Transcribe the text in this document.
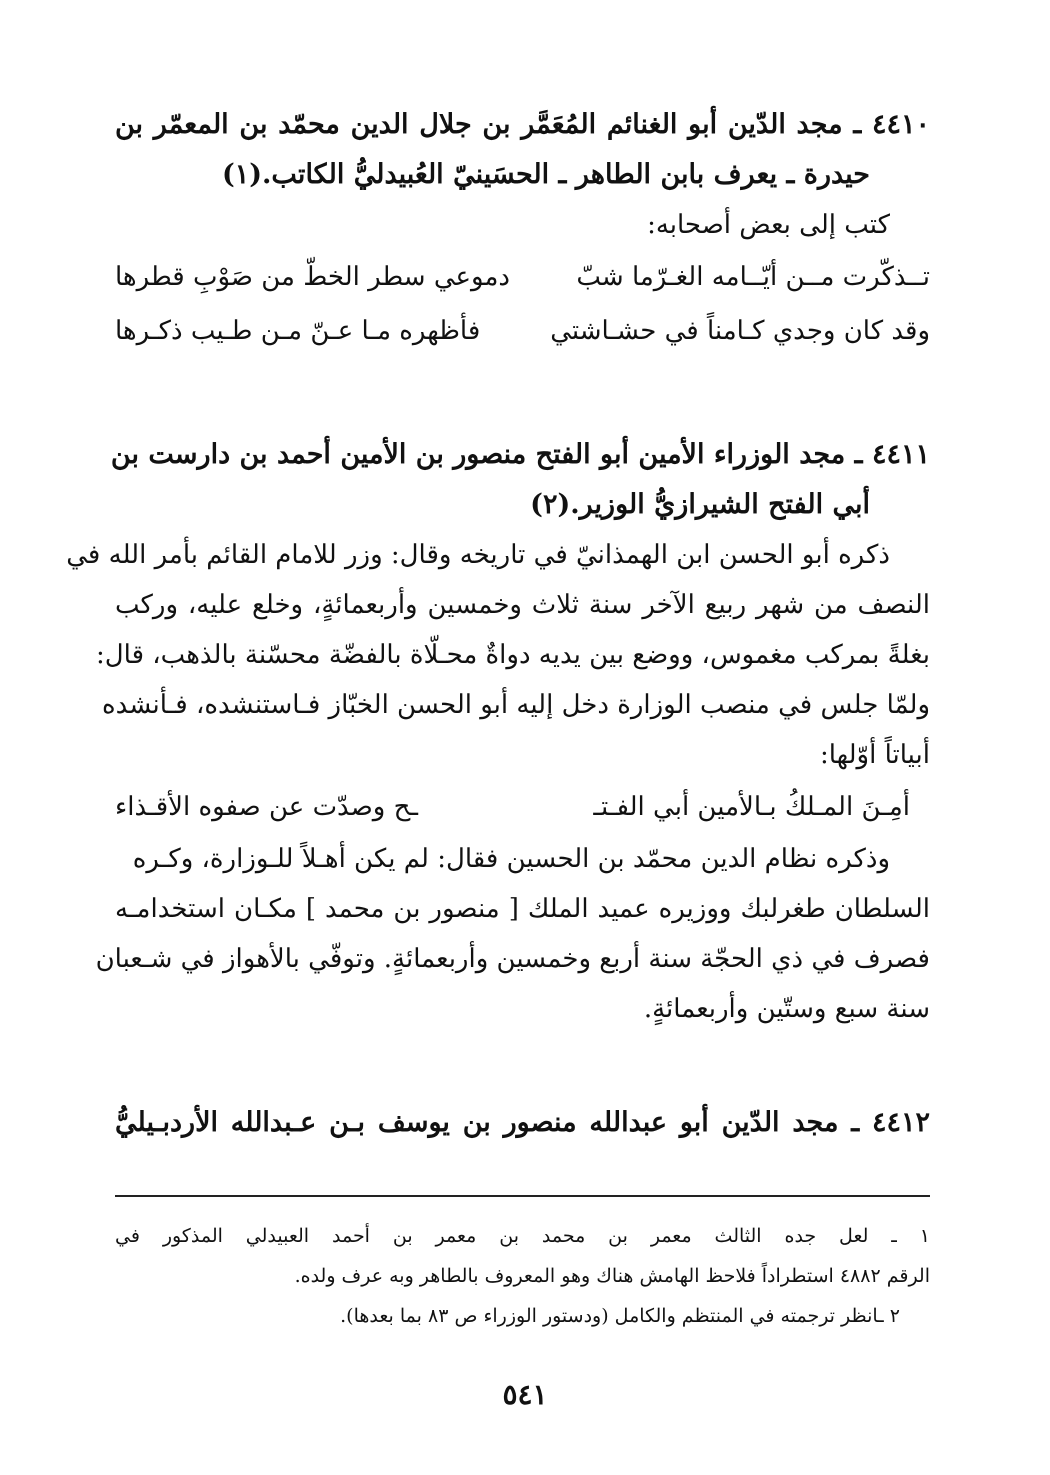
٤٤١٠ ـ مجد الدّين أبو الغنائم المُعَمَّر بن جلال الدين محمّد بن المعمّر بن
حيدرة ـ يعرف بابن الطاهر ـ الحسَينيّ العُبيدليُّ الكاتب.(١)
كتب إلى بعض أصحابه:
تــذكّرت مــن أيّــامه الغـرّما شبّ
دموعي سطر الخطّ من صَوْبِ قطرها
وقد كان وجدي كـامناً في حشـاشتي
فأظهره مـا عـنّ مـن طـيب ذكـرها
٤٤١١ ـ مجد الوزراء الأمين أبو الفتح منصور بن الأمين أحمد بن دارست بن
أبي الفتح الشيرازيُّ الوزير.(٢)
ذكره أبو الحسن ابن الهمذانيّ في تاريخه وقال: وزر للامام القائم بأمر الله في
النصف من شهر ربيع الآخر سنة ثلاث وخمسين وأربعمائةٍ، وخلع عليه، وركب
بغلةً بمركب مغموس، ووضع بين يديه دواةٌ محـلّاة بالفضّة محسّنة بالذهب، قال:
ولمّا جلس في منصب الوزارة دخل إليه أبو الحسن الخبّاز فـاستنشده، فـأنشده
أبياتاً أوّلها:
أمِـنَ المـلكُ بـالأمين أبي الفـتـ
ـح وصدّت عن صفوه الأقـذاء
وذكره نظام الدين محمّد بن الحسين فقال: لم يكن أهـلاً للـوزارة، وكـره
السلطان طغرلبك ووزيره عميد الملك [ منصور بن محمد ] مكـان استخدامـه
فصرف في ذي الحجّة سنة أربع وخمسين وأربعمائةٍ. وتوفّي بالأهواز في شـعبان
سنة سبع وستّين وأربعمائةٍ.
٤٤١٢ ـ مجد الدّين أبو عبدالله منصور بن يوسف بـن عـبدالله الأردبـيليُّ
١ ـ لعل جده الثالث معمر بن محمد بن معمر بن أحمد العبيدلي المذكور في
الرقم ٤٨٨٢ استطراداً فلاحظ الهامش هناك وهو المعروف بالطاهر وبه عرف ولده.
٢ ـانظر ترجمته في المنتظم والكامل (ودستور الوزراء ص ٨٣ بما بعدها).
٥٤١
